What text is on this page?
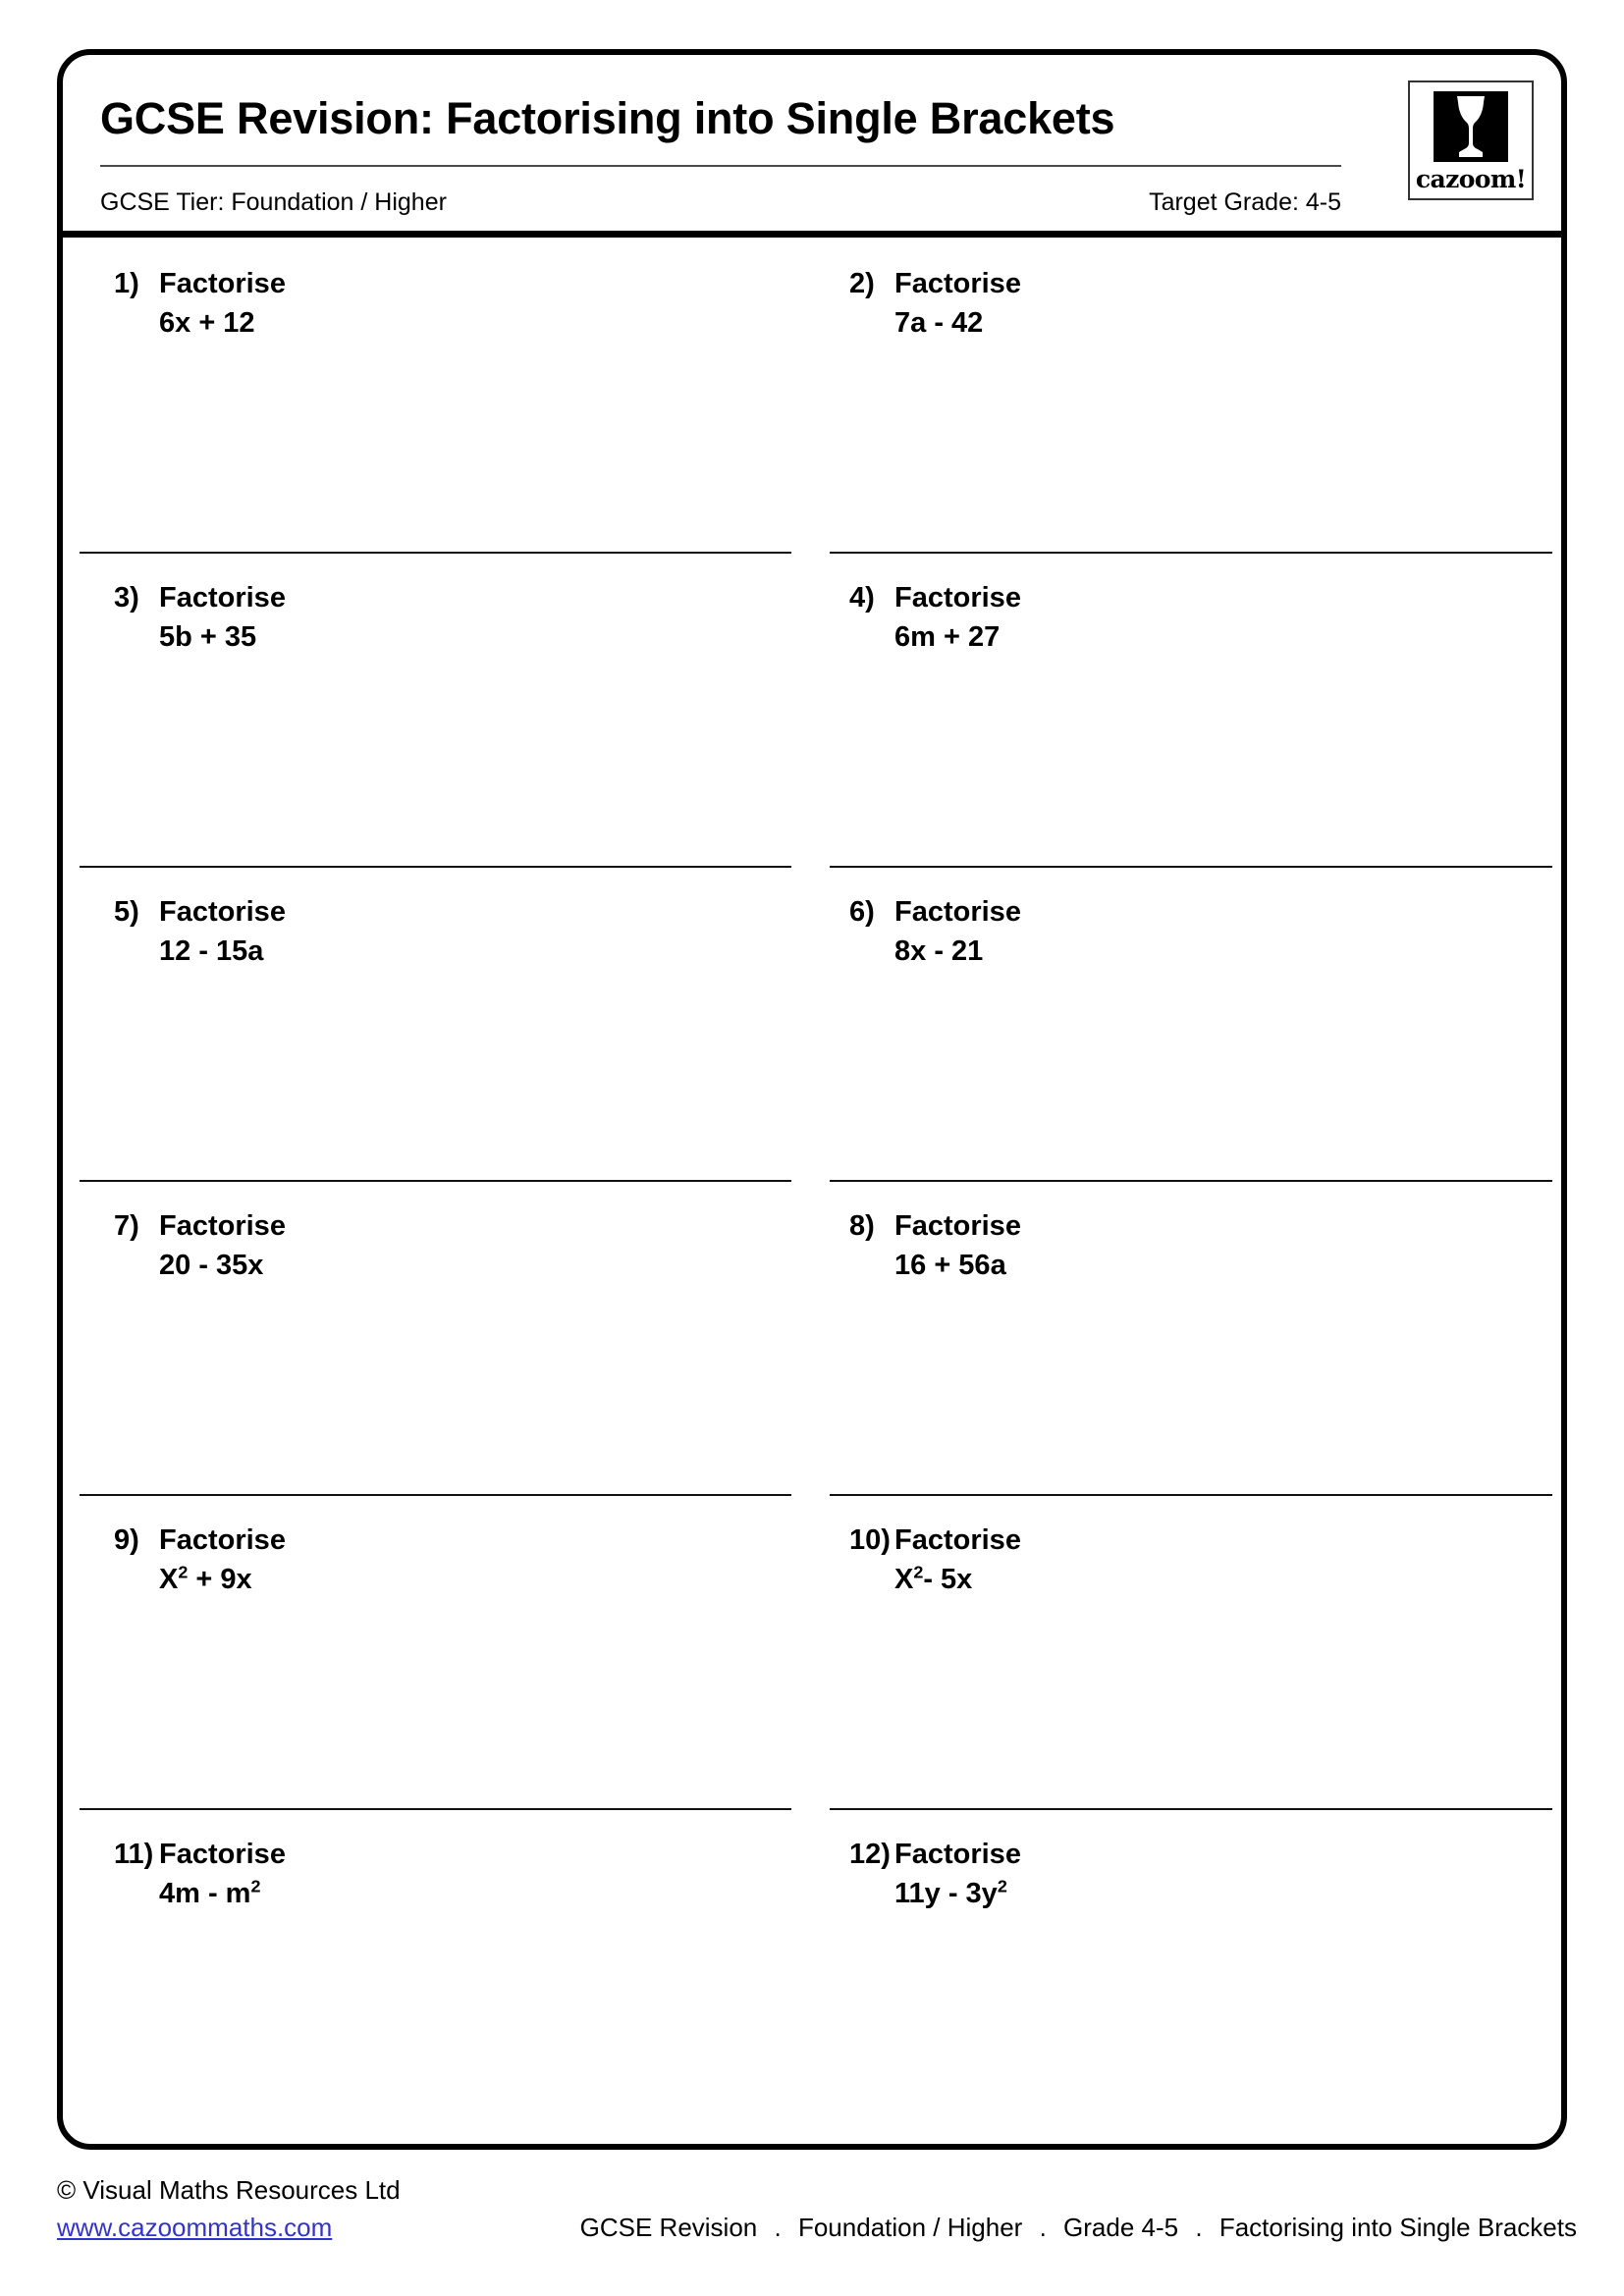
GCSE Revision: Factorising into Single Brackets
GCSE Tier: Foundation / Higher	Target Grade: 4-5
cazoom!
1) Factorise
6x + 12
2) Factorise
7a - 42
3) Factorise
5b + 35
4) Factorise
6m + 27
5) Factorise
12 - 15a
6) Factorise
8x - 21
7) Factorise
20 - 35x
8) Factorise
16 + 56a
9) Factorise
$X^2 + 9x$
10) Factorise
$X^2-$ 5x
11) Factorise
$4m - m^2$
12) Factorise
$11y - 3y^2$
© Visual Maths Resources Ltd
www.cazoommaths.com	GCSE Revision . Foundation / Higher . Grade 4-5 . Factorising into Single Brackets
